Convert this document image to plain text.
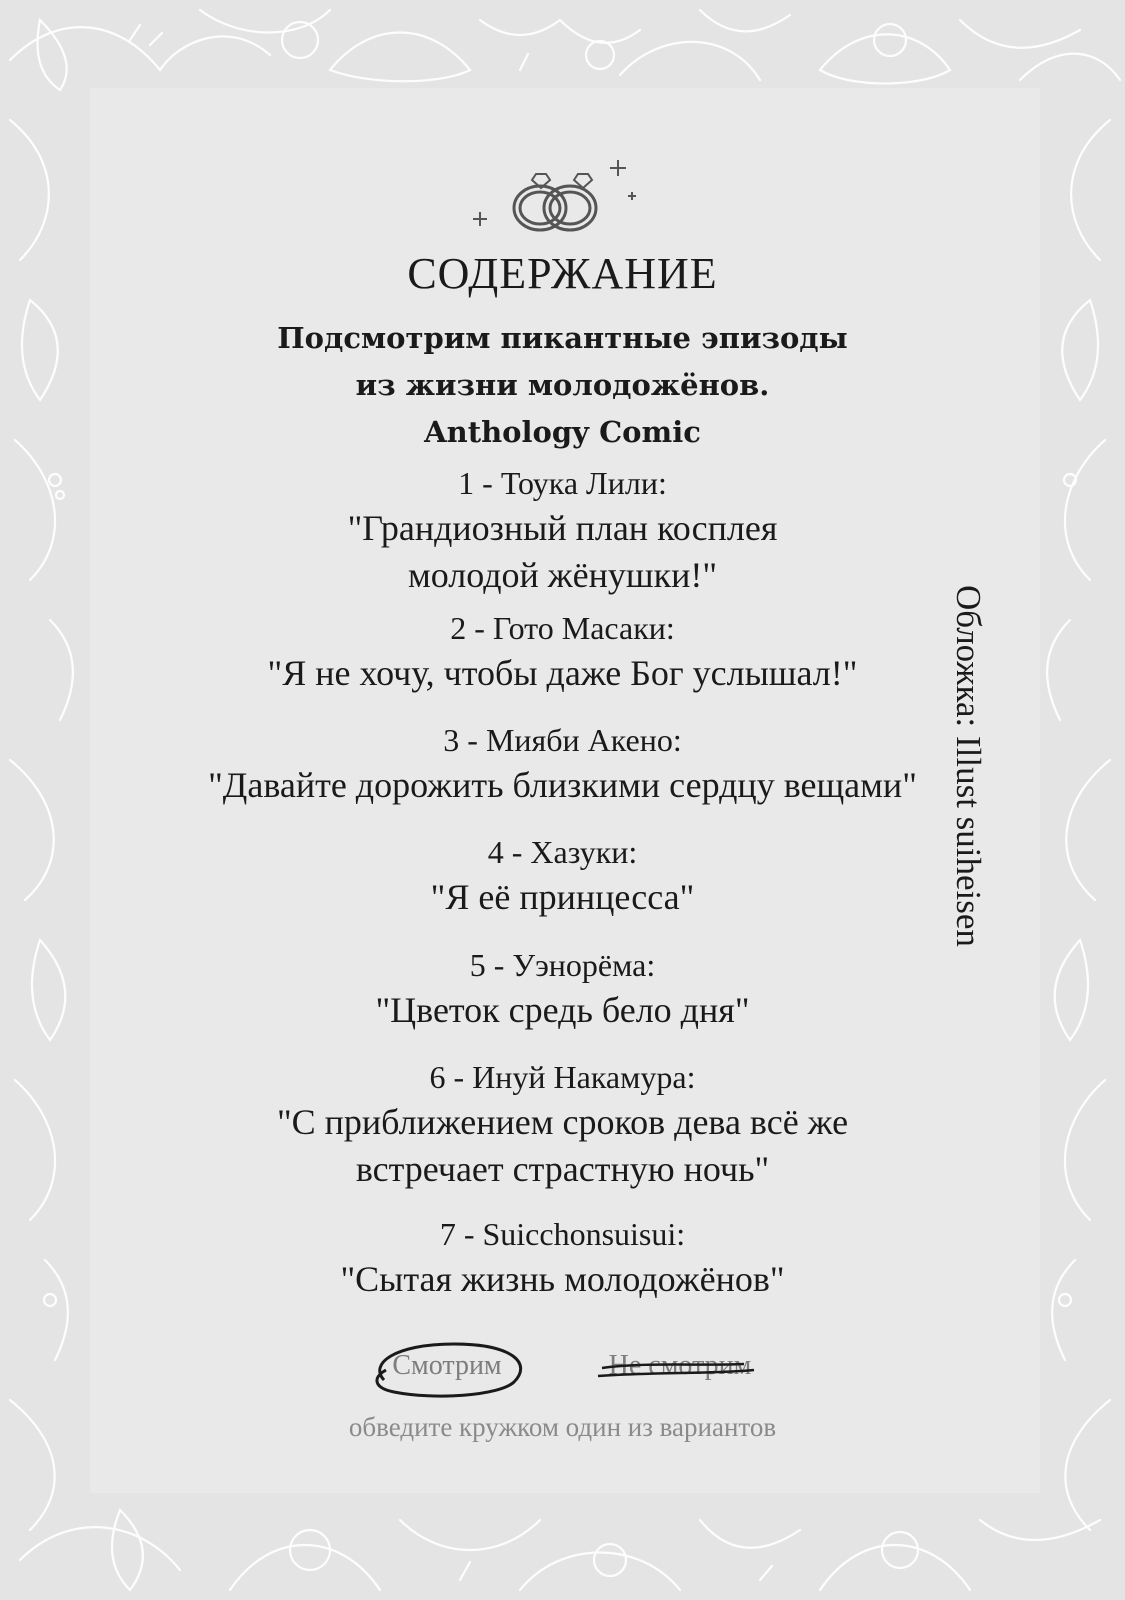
СОДЕРЖАНИЕ
Подсмотрим пикантные эпизоды
из жизни молодожёнов.
Anthology Comic
1 - Тоука Лили:
"Грандиозный план косплея
молодой жёнушки!"
2 - Гото Масаки:
"Я не хочу, чтобы даже Бог услышал!"
3 - Мияби Акено:
"Давайте дорожить близкими сердцу вещами"
4 - Хазуки:
"Я её принцесса"
5 - Уэнорёма:
"Цветок средь бело дня"
6 - Инуй Накамура:
"С приближением сроков дева всё же
встречает страстную ночь"
7 - Suicchonsuisui:
"Сытая жизнь молодожёнов"
Обложка: Illust suiheisen
Смотрим	Не смотрим
обведите кружком один из вариантов
